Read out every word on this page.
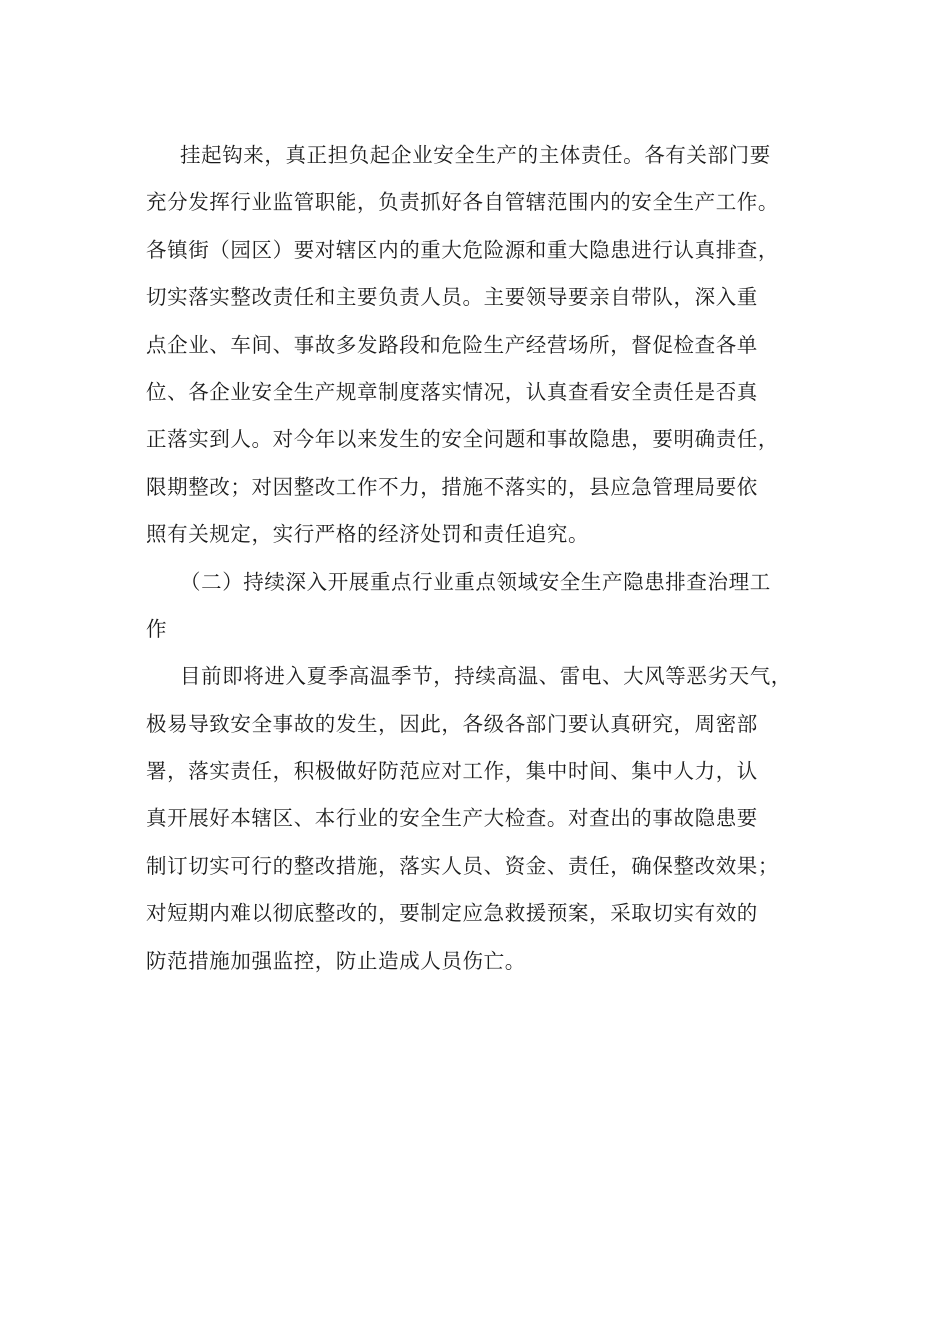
挂起钩来，真正担负起企业安全生产的主体责任。各有关部门要
充分发挥行业监管职能，负责抓好各自管辖范围内的安全生产工作。
各镇街（园区）要对辖区内的重大危险源和重大隐患进行认真排查，
切实落实整改责任和主要负责人员。主要领导要亲自带队，深入重
点企业、车间、事故多发路段和危险生产经营场所，督促检查各单
位、各企业安全生产规章制度落实情况，认真查看安全责任是否真
正落实到人。对今年以来发生的安全问题和事故隐患，要明确责任，
限期整改；对因整改工作不力，措施不落实的，县应急管理局要依
照有关规定，实行严格的经济处罚和责任追究。
（二）持续深入开展重点行业重点领域安全生产隐患排查治理工
作
目前即将进入夏季高温季节，持续高温、雷电、大风等恶劣天气，
极易导致安全事故的发生，因此，各级各部门要认真研究，周密部
署，落实责任，积极做好防范应对工作，集中时间、集中人力，认
真开展好本辖区、本行业的安全生产大检查。对查出的事故隐患要
制订切实可行的整改措施，落实人员、资金、责任，确保整改效果；
对短期内难以彻底整改的，要制定应急救援预案，采取切实有效的
防范措施加强监控，防止造成人员伤亡。
